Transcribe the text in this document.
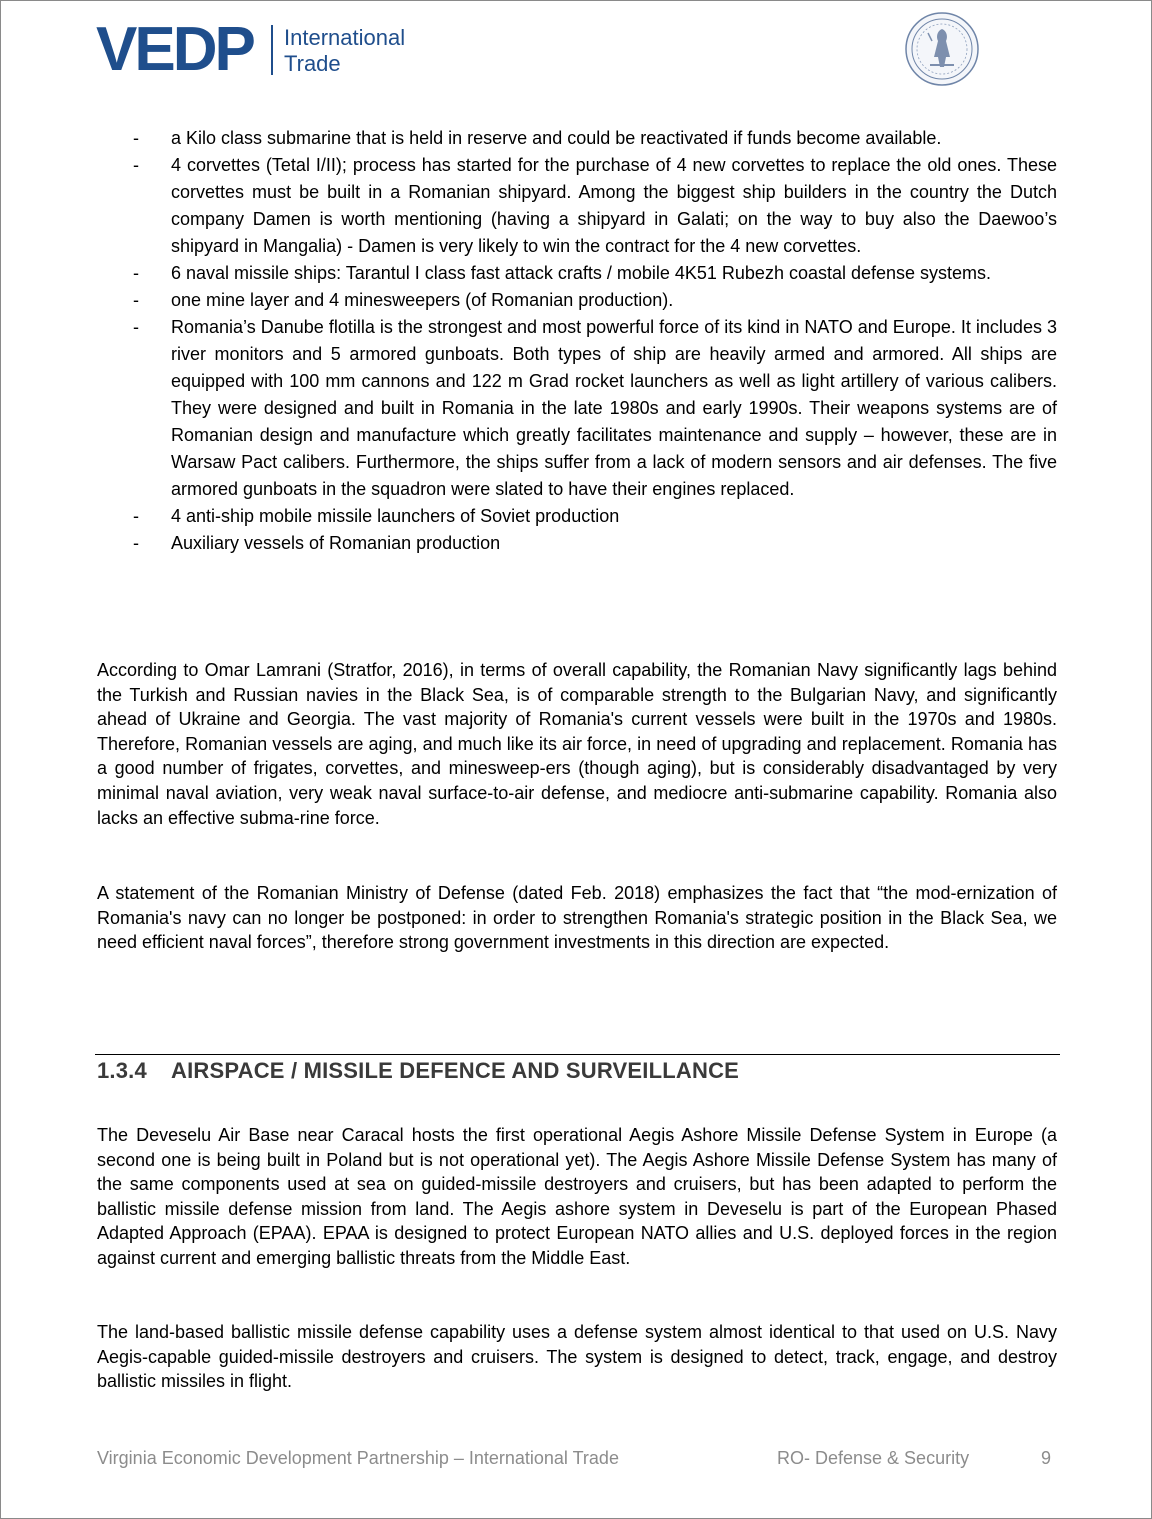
VEDP International
Trade
- a Kilo class submarine that is held in reserve and could be reactivated if funds become available.
- 4 corvettes (Tetal I/II); process has started for the purchase of 4 new corvettes to replace the old ones. These corvettes must be built in a Romanian shipyard. Among the biggest ship builders in the country the Dutch company Damen is worth mentioning (having a shipyard in Galati; on the way to buy also the Daewoo’s shipyard in Mangalia) - Damen is very likely to win the contract for the 4 new corvettes.
- 6 naval missile ships: Tarantul I class fast attack crafts / mobile 4K51 Rubezh coastal defense systems.
- one mine layer and 4 minesweepers (of Romanian production).
- Romania’s Danube flotilla is the strongest and most powerful force of its kind in NATO and Europe. It includes 3 river monitors and 5 armored gunboats. Both types of ship are heavily armed and armored. All ships are equipped with 100 mm cannons and 122 m Grad rocket launchers as well as light artillery of various calibers. They were designed and built in Romania in the late 1980s and early 1990s. Their weapons systems are of Romanian design and manufacture which greatly facilitates maintenance and supply – however, these are in Warsaw Pact calibers. Furthermore, the ships suffer from a lack of modern sensors and air defenses. The five armored gunboats in the squadron were slated to have their engines replaced.
- 4 anti-ship mobile missile launchers of Soviet production
- Auxiliary vessels of Romanian production

According to Omar Lamrani (Stratfor, 2016), in terms of overall capability, the Romanian Navy significantly lags behind the Turkish and Russian navies in the Black Sea, is of comparable strength to the Bulgarian Navy, and significantly ahead of Ukraine and Georgia. The vast majority of Romania's current vessels were built in the 1970s and 1980s. Therefore, Romanian vessels are aging, and much like its air force, in need of upgrading and replacement. Romania has a good number of frigates, corvettes, and minesweep-ers (though aging), but is considerably disadvantaged by very minimal naval aviation, very weak naval surface-to-air defense, and mediocre anti-submarine capability. Romania also lacks an effective subma-rine force.

A statement of the Romanian Ministry of Defense (dated Feb. 2018) emphasizes the fact that “the mod-ernization of Romania's navy can no longer be postponed: in order to strengthen Romania's strategic position in the Black Sea, we need efficient naval forces”, therefore strong government investments in this direction are expected.

1.3.4 AIRSPACE / MISSILE DEFENCE AND SURVEILLANCE

The Deveselu Air Base near Caracal hosts the first operational Aegis Ashore Missile Defense System in Europe (a second one is being built in Poland but is not operational yet). The Aegis Ashore Missile Defense System has many of the same components used at sea on guided-missile destroyers and cruisers, but has been adapted to perform the ballistic missile defense mission from land. The Aegis ashore system in Deveselu is part of the European Phased Adapted Approach (EPAA). EPAA is designed to protect European NATO allies and U.S. deployed forces in the region against current and emerging ballistic threats from the Middle East.

The land-based ballistic missile defense capability uses a defense system almost identical to that used on U.S. Navy Aegis-capable guided-missile destroyers and cruisers. The system is designed to detect, track, engage, and destroy ballistic missiles in flight.

Virginia Economic Development Partnership – International Trade	RO- Defense & Security	9
